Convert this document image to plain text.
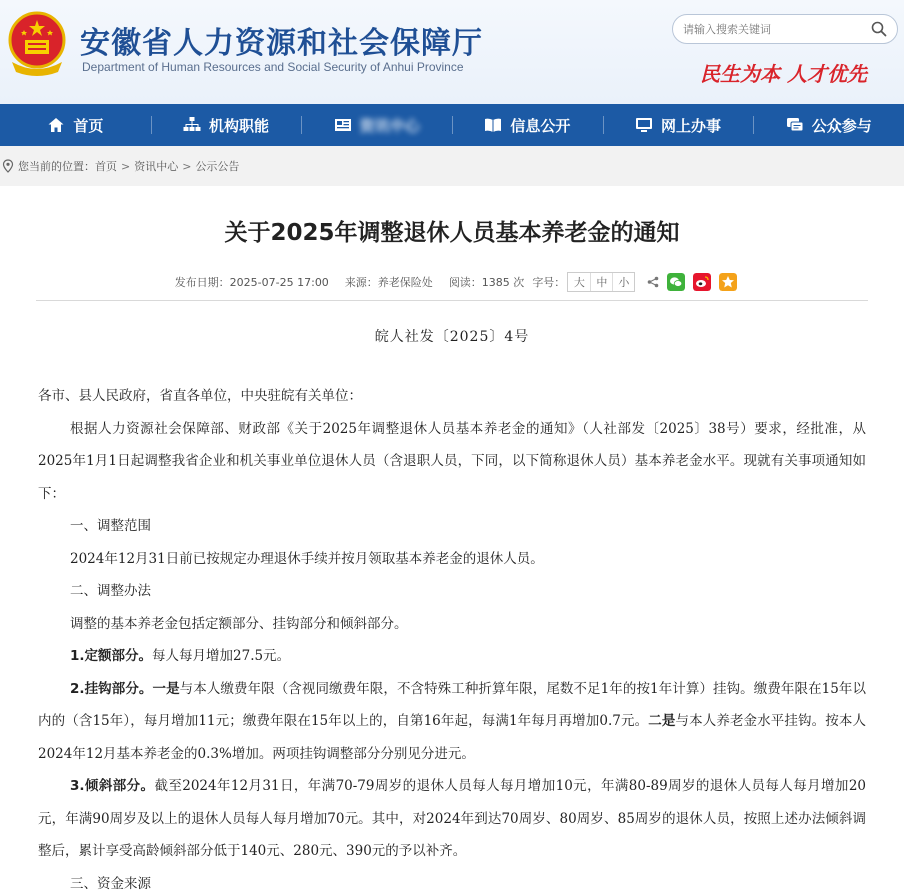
安徽省人力资源和社会保障厅
Department of Human Resources and Social Security of Anhui Province
请输入搜索关键词	民生为本 人才优先
首页	机构职能	资讯中心	信息公开	网上办事	公众参与
您当前的位置： 首页 > 资讯中心 > 公示公告
关于2025年调整退休人员基本养老金的通知
发布日期：2025-07-25 17:00 来源：养老保险处 阅读：1385 次 字号： 大	中	小
皖人社发〔2025〕4号

各市、县人民政府，省直各单位，中央驻皖有关单位：

根据人力资源社会保障部、财政部《关于2025年调整退休人员基本养老金的通知》（人社部发〔2025〕38号）要求，经批准，从2025年1月1日起调整我省企业和机关事业单位退休人员（含退职人员，下同，以下简称退休人员）基本养老金水平。现就有关事项通知如下：

一、调整范围

2024年12月31日前已按规定办理退休手续并按月领取基本养老金的退休人员。

二、调整办法

调整的基本养老金包括定额部分、挂钩部分和倾斜部分。

1.定额部分。每人每月增加27.5元。

2.挂钩部分。一是与本人缴费年限（含视同缴费年限，不含特殊工种折算年限，尾数不足1年的按1年计算）挂钩。缴费年限在15年以内的（含15年），每月增加11元；缴费年限在15年以上的，自第16年起，每满1年每月再增加0.7元。二是与本人养老金水平挂钩。按本人2024年12月基本养老金的0.3%增加。两项挂钩调整部分分别见分进元。

3.倾斜部分。截至2024年12月31日，年满70-79周岁的退休人员每人每月增加10元，年满80-89周岁的退休人员每人每月增加20 元，年满90周岁及以上的退休人员每人每月增加70元。其中，对2024年到达70周岁、80周岁、85周岁的退休人员，按照上述办法倾斜调整后，累计享受高龄倾斜部分低于140元、280元、390元的予以补齐。

三、资金来源
